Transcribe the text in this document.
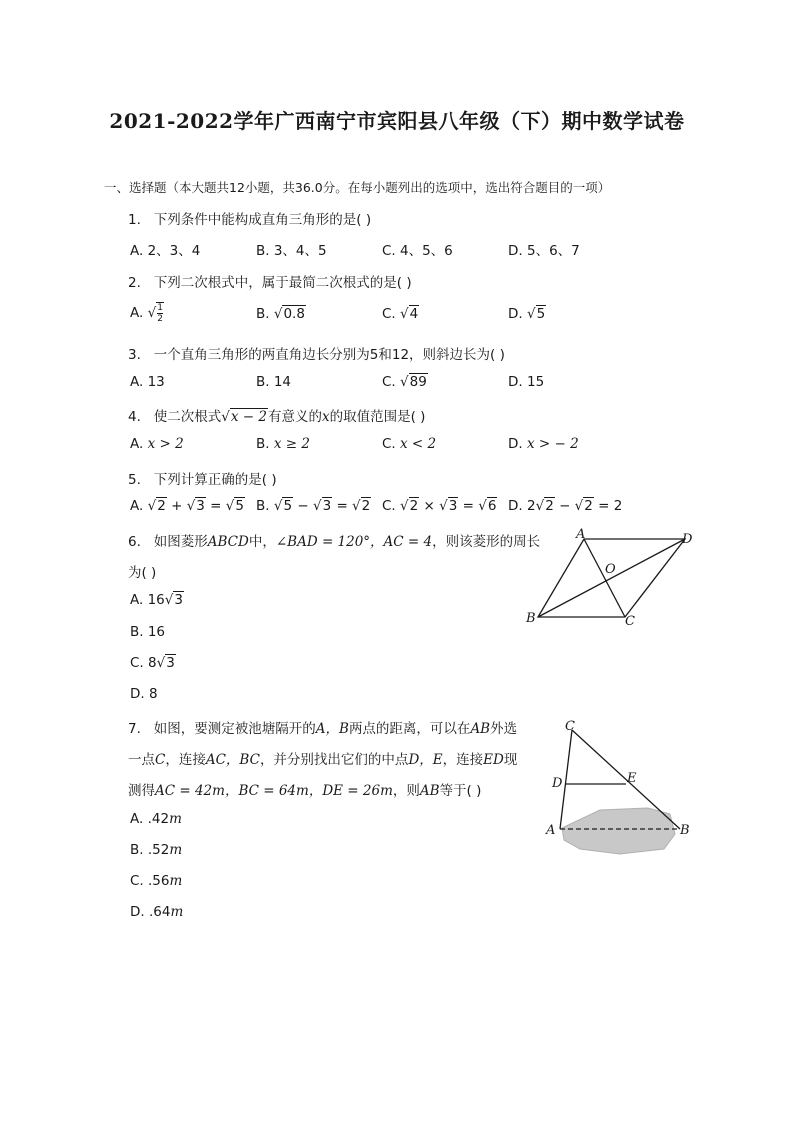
2021-2022学年广西南宁市宾阳县八年级（下）期中数学试卷
一、选择题（本大题共12小题，共36.0分。在每小题列出的选项中，选出符合题目的一项）
1. 下列条件中能构成直角三角形的是( )
A. 2、3、4	B. 3、4、5	C. 4、5、6	D. 5、6、7
2. 下列二次根式中，属于最简二次根式的是( )
A. √ $\frac{1}{2}$	B. √0.8	C. √4	D. √5
3. 一个直角三角形的两直角边长分别为5和12，则斜边长为( )
A. 13	B. 14	C. √89	D. 15
4. 使二次根式√x − 2有意义的x的取值范围是( )
A. x > 2	B. x ≥ 2	C. x < 2	D. x > − 2
5. 下列计算正确的是( )
A. √2 + √3 = √5 B. √5 − √3 = √2 C. √2 × √3 = √6 D. 2√2 − √2 = 2
6. 如图菱形ABCD中，∠BAD = 120°，AC = 4，则该菱形的周长
为( )
A. 16√3
B. 16
C. 8√3
D. 8
A	D
B	C
O
7. 如图，要测定被池塘隔开的A，B两点的距离，可以在AB外选
一点C，连接AC，BC，并分别找出它们的中点D，E，连接ED现
测得AC = 42m，BC = 64m，DE = 26m，则AB等于( )
A. .42m
B. .52m
C. .56m
D. .64m
C
D	E
A	B
